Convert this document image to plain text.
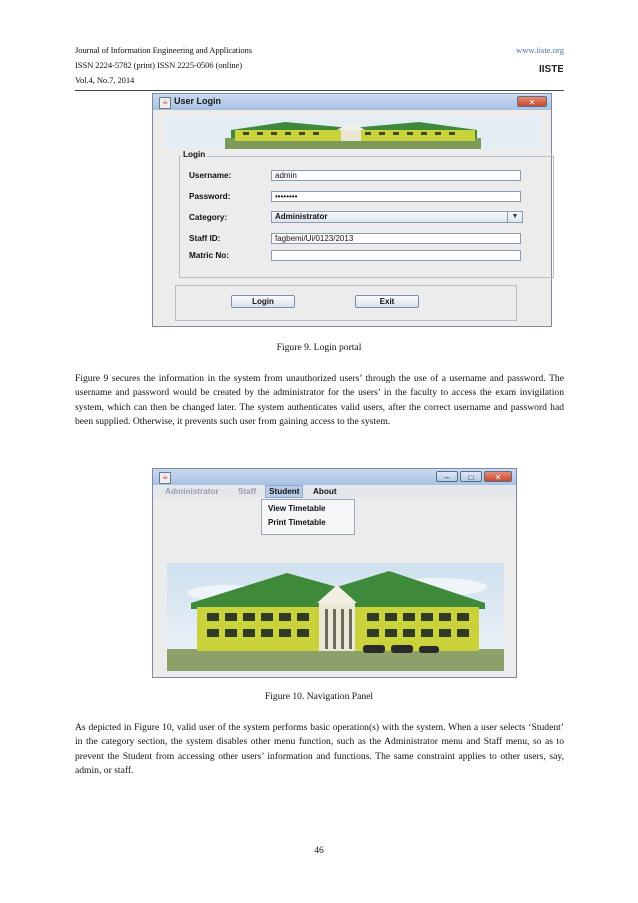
Journal of Information Engineering and Applications
ISSN 2224-5782 (print) ISSN 2225-0506 (online)
Vol.4, No.7, 2014
www.iiste.org
IISTE
☕ User Login	✕
Login
Username:	admin
Password:	••••••••
Category:	Administrator	▼
Staff ID:	fagbemi/Ui/0123/2013
Matric No:
Login	Exit
Figure 9. Login portal
Figure 9 secures the information in the system from unauthorized users’ through the use of a username and password. The username and password would be created by the administrator for the users’ in the faculty to access the exam invigilation system, which can then be changed later. The system authenticates valid users, after the correct username and password had been supplied. Otherwise, it prevents such user from gaining access to the system.
☕	–	□	✕
Administrator	Staff	Student	About
View Timetable
Print Timetable
Figure 10. Navigation Panel
As depicted in Figure 10, valid user of the system performs basic operation(s) with the system. When a user selects ‘Student’ in the category section, the system disables other menu function, such as the Administrator menu and Staff menu, so as to prevent the Student from accessing other users’ information and functions. The same constraint applies to other users, say, admin, or staff.
46
